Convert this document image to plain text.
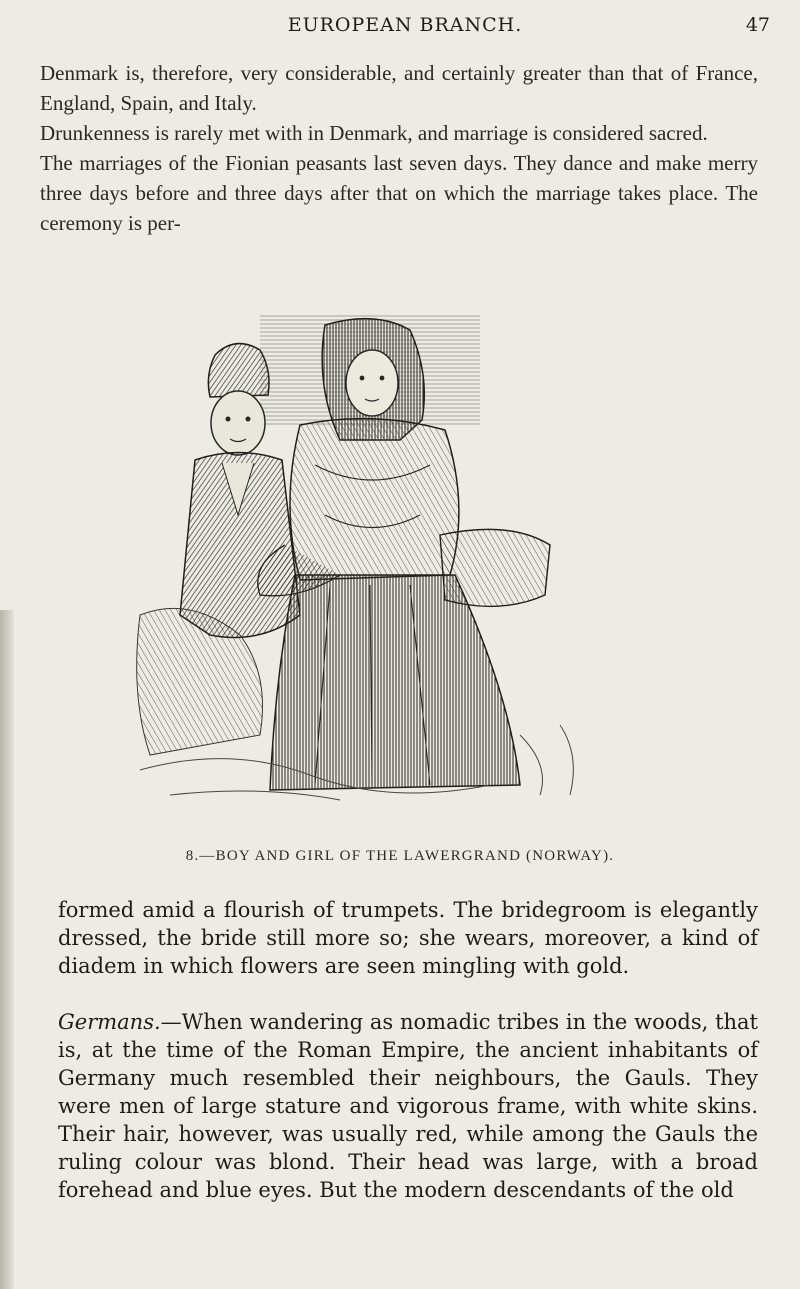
EUROPEAN BRANCH.	47

Denmark is, therefore, very considerable, and certainly greater than that of France, England, Spain, and Italy.

Drunkenness is rarely met with in Denmark, and marriage is considered sacred.

The marriages of the Fionian peasants last seven days. They dance and make merry three days before and three days after that on which the marriage takes place. The ceremony is per-

8.—BOY AND GIRL OF THE LAWERGRAND (NORWAY).

formed amid a flourish of trumpets. The bridegroom is elegantly dressed, the bride still more so; she wears, moreover, a kind of diadem in which flowers are seen mingling with gold.

Germans.—When wandering as nomadic tribes in the woods, that is, at the time of the Roman Empire, the ancient inhabitants of Germany much resembled their neighbours, the Gauls. They were men of large stature and vigorous frame, with white skins. Their hair, however, was usually red, while among the Gauls the ruling colour was blond. Their head was large, with a broad forehead and blue eyes. But the modern descendants of the old
